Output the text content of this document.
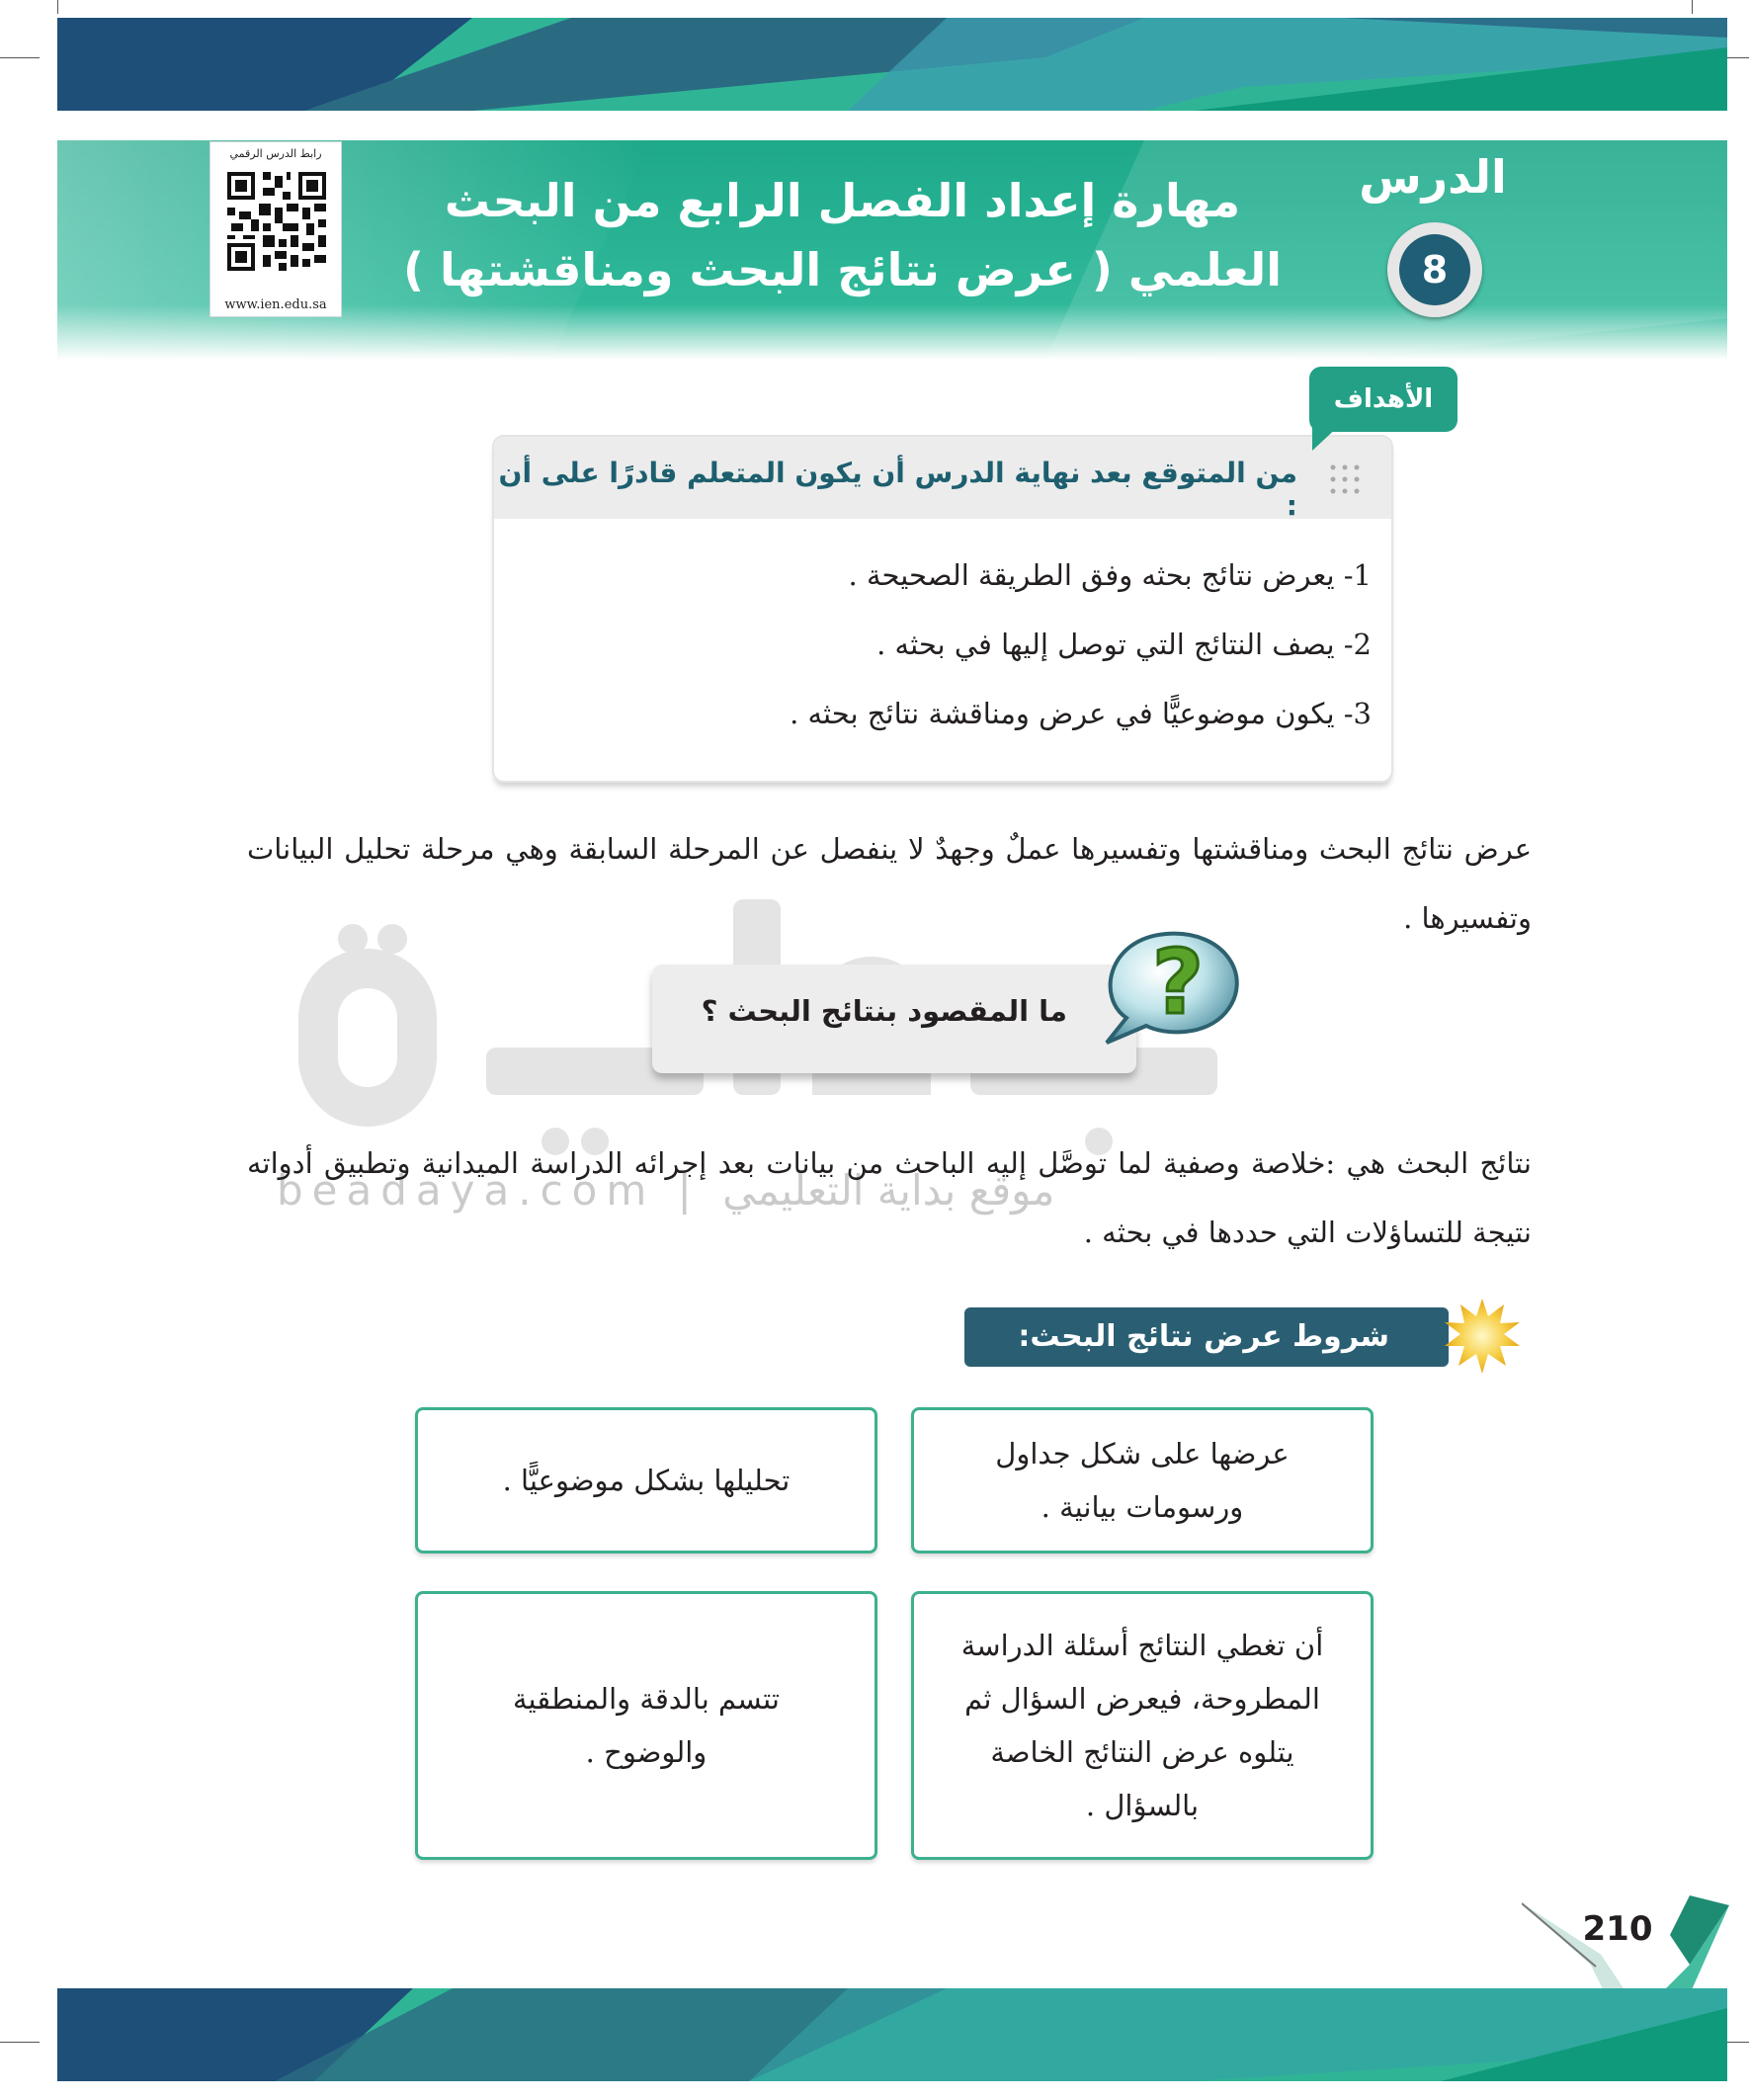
رابط الدرس الرقمي
www.ien.edu.sa
الدرس
8
مهارة إعداد الفصل الرابع من البحث
العلمي ( عرض نتائج البحث ومناقشتها )
من المتوقع بعد نهاية الدرس أن يكون المتعلم قادرًا على أن :
1- يعرض نتائج بحثه وفق الطريقة الصحيحة .
2- يصف النتائج التي توصل إليها في بحثه .
3- يكون موضوعيًّا في عرض ومناقشة نتائج بحثه .
الأهداف
beadaya.com | موقع بداية التعليمي
عرض نتائج البحث ومناقشتها وتفسيرها عملٌ وجهدٌ لا ينفصل عن المرحلة السابقة وهي مرحلة تحليل البيانات وتفسيرها .
ما المقصود بنتائج البحث ؟ ?
نتائج البحث هي :خلاصة وصفية لما توصَّل إليه الباحث من بيانات بعد إجرائه الدراسة الميدانية وتطبيق أدواته نتيجة للتساؤلات التي حددها في بحثه .
شروط عرض نتائج البحث:
عرضها على شكل جداول ورسومات بيانية .
تحليلها بشكل موضوعيًّا .
أن تغطي النتائج أسئلة الدراسة المطروحة، فيعرض السؤال ثم يتلوه عرض النتائج الخاصة بالسؤال .
تتسم بالدقة والمنطقية والوضوح .
210
